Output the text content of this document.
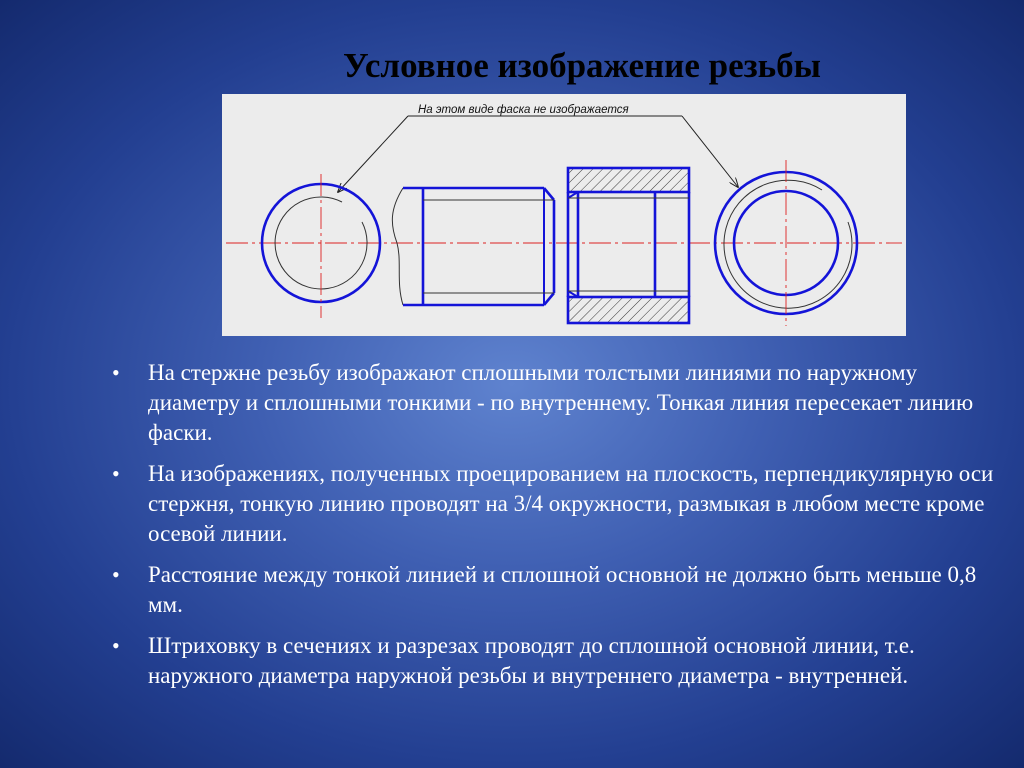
Условное изображение резьбы
На этом виде фаска не изображается
• На стержне резьбу изображают сплошными толстыми линиями по наружному диаметру и сплошными тонкими - по внутреннему. Тонкая линия пересекает линию фаски.
• На изображениях, полученных проецированием на плоскость, перпендикулярную оси стержня, тонкую линию проводят на 3/4 окружности, размыкая в любом месте кроме осевой линии.
• Расстояние между тонкой линией и сплошной основной не должно быть меньше 0,8 мм.
• Штриховку в сечениях и разрезах проводят до сплошной основной линии, т.е. наружного диаметра наружной резьбы и внутреннего диаметра - внутренней.
